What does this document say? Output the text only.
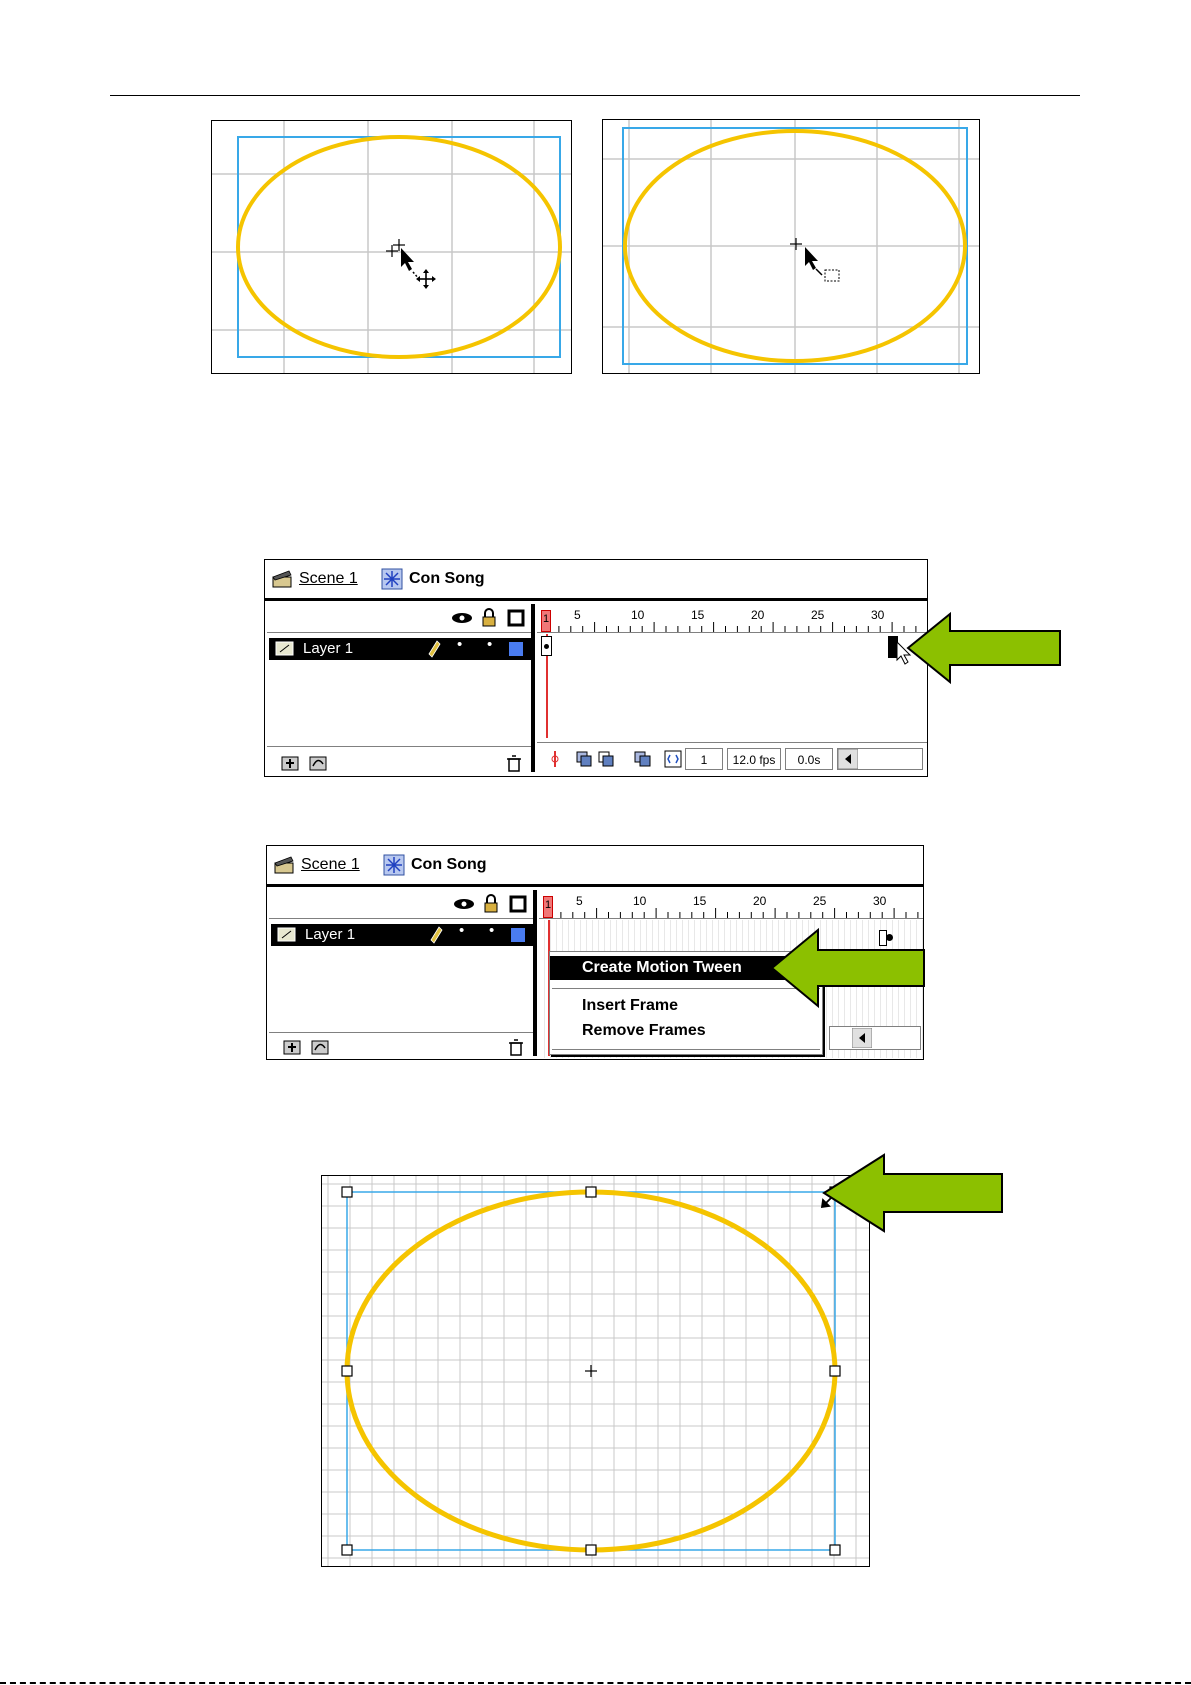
Scene 1	Con Song
Layer 1	• •
5	10	15	20	25	30
1
1	12.0 fps	0.0s
Scene 1	Con Song
Layer 1	• •
5	10	15	20	25	30
1
Create Motion Tween
Insert Frame
Remove Frames
